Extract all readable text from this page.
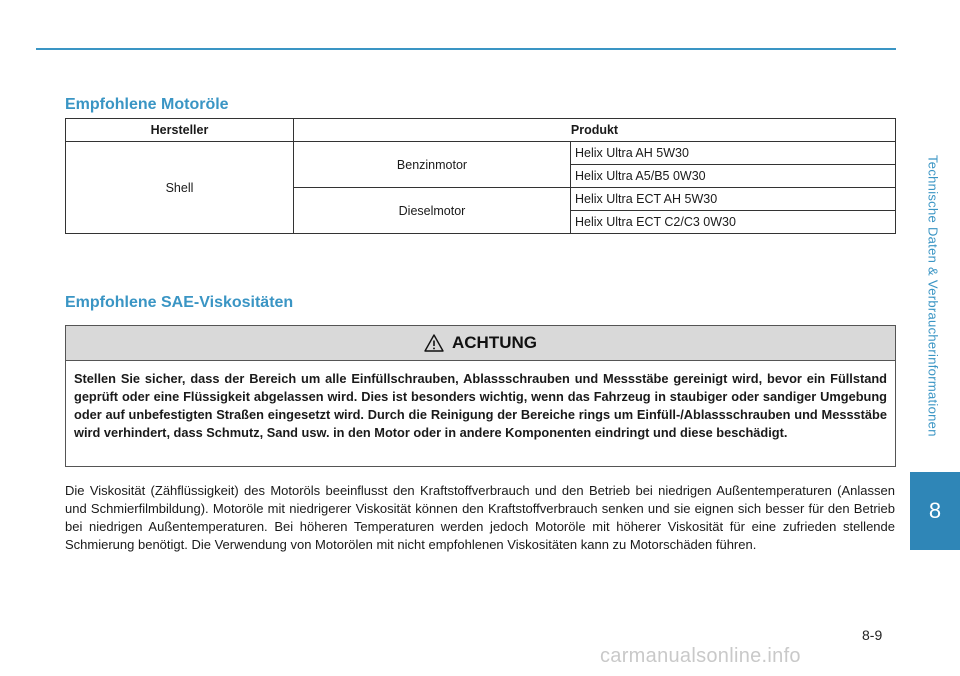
Technische Daten & Verbraucherinformationen
8
Empfohlene Motoröle
Hersteller	Produkt	
Shell	Benzinmotor	Helix Ultra AH 5W30
		Helix Ultra A5/B5 0W30
	Dieselmotor	Helix Ultra ECT AH 5W30
		Helix Ultra ECT C2/C3 0W30
Empfohlene SAE-Viskositäten
ACHTUNG
Stellen Sie sicher, dass der Bereich um alle Einfüllschrauben, Ablassschrauben und Messstäbe gereinigt wird, bevor ein Füllstand geprüft oder eine Flüssigkeit abgelassen wird. Dies ist besonders wichtig, wenn das Fahrzeug in staubiger oder sandiger Umgebung oder auf unbefestigten Straßen eingesetzt wird. Durch die Reinigung der Bereiche rings um Einfüll-/Ablassschrauben und Messstäbe wird verhindert, dass Schmutz, Sand usw. in den Motor oder in andere Komponenten eindringt und diese beschädigt.
Die Viskosität (Zähflüssigkeit) des Motoröls beeinflusst den Kraftstoffverbrauch und den Betrieb bei niedrigen Außentemperaturen (Anlassen und Schmierfilmbildung). Motoröle mit niedrigerer Viskosität können den Kraftstoffverbrauch senken und sie eignen sich besser für den Betrieb bei niedrigen Außentemperaturen. Bei höheren Temperaturen werden jedoch Motoröle mit höherer Viskosität für eine zufrieden stellende Schmierung benötigt. Die Verwendung von Motorölen mit nicht empfohlenen Viskositäten kann zu Motorschäden führen.
8-9
carmanualsonline.info
